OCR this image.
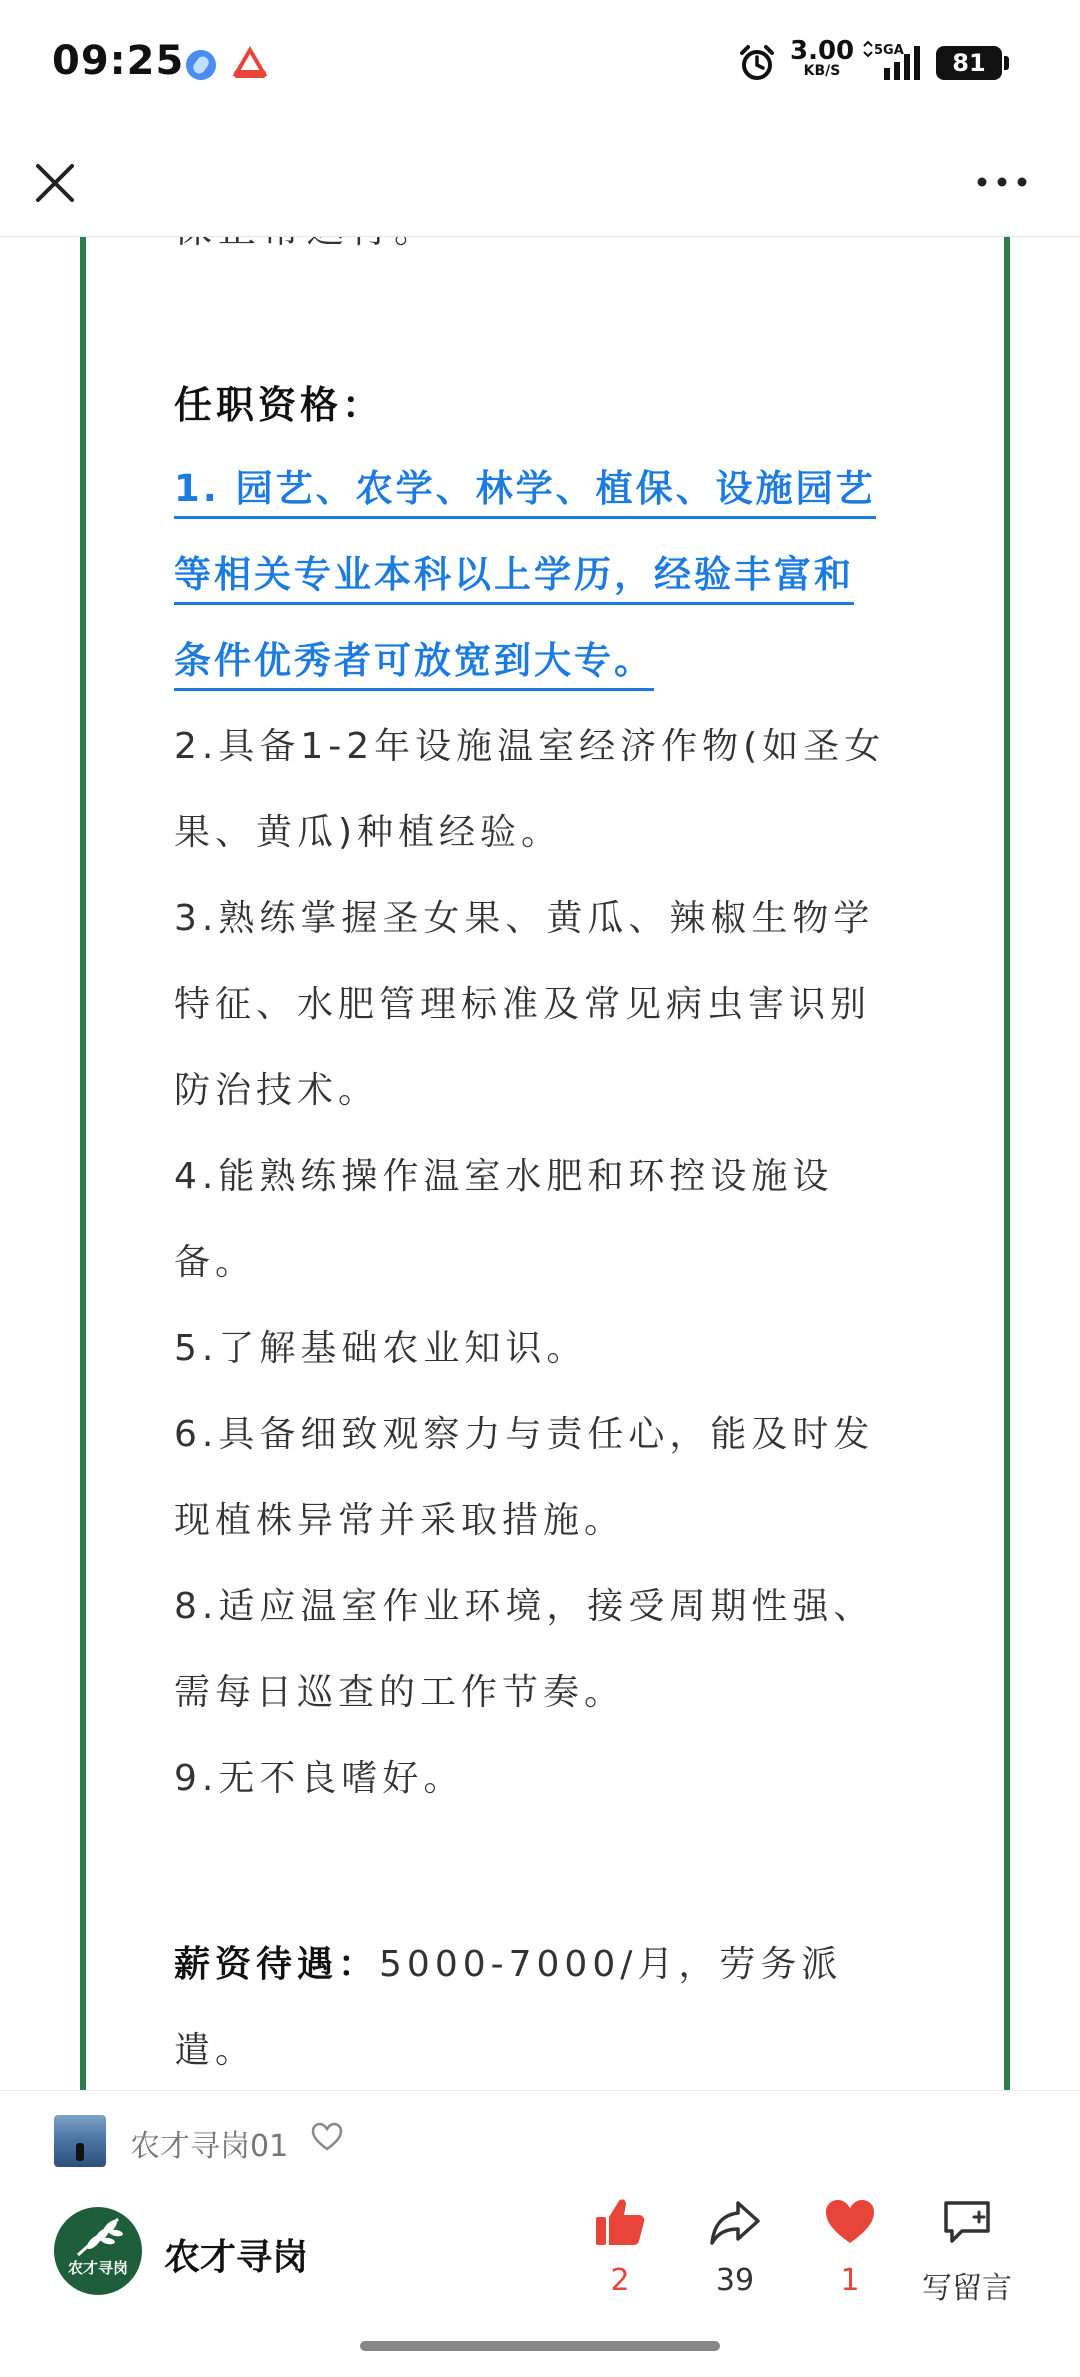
09:25	3.00
KB/S
5GA	81
任职资格：
1. 园艺、农学、林学、植保、设施园艺
等相关专业本科以上学历，经验丰富和
条件优秀者可放宽到大专。
2.具备1-2年设施温室经济作物(如圣女
果、黄瓜)种植经验。
3.熟练掌握圣女果、黄瓜、辣椒生物学
特征、水肥管理标准及常见病虫害识别
防治技术。
4.能熟练操作温室水肥和环控设施设
备。
5.了解基础农业知识。
6.具备细致观察力与责任心，能及时发
现植株异常并采取措施。
8.适应温室作业环境，接受周期性强、
需每日巡查的工作节奏。
9.无不良嗜好。
薪资待遇：5000-7000/月，劳务派
遣。
农才寻岗01
农才寻岗	农才寻岗
2	39	1	写留言
